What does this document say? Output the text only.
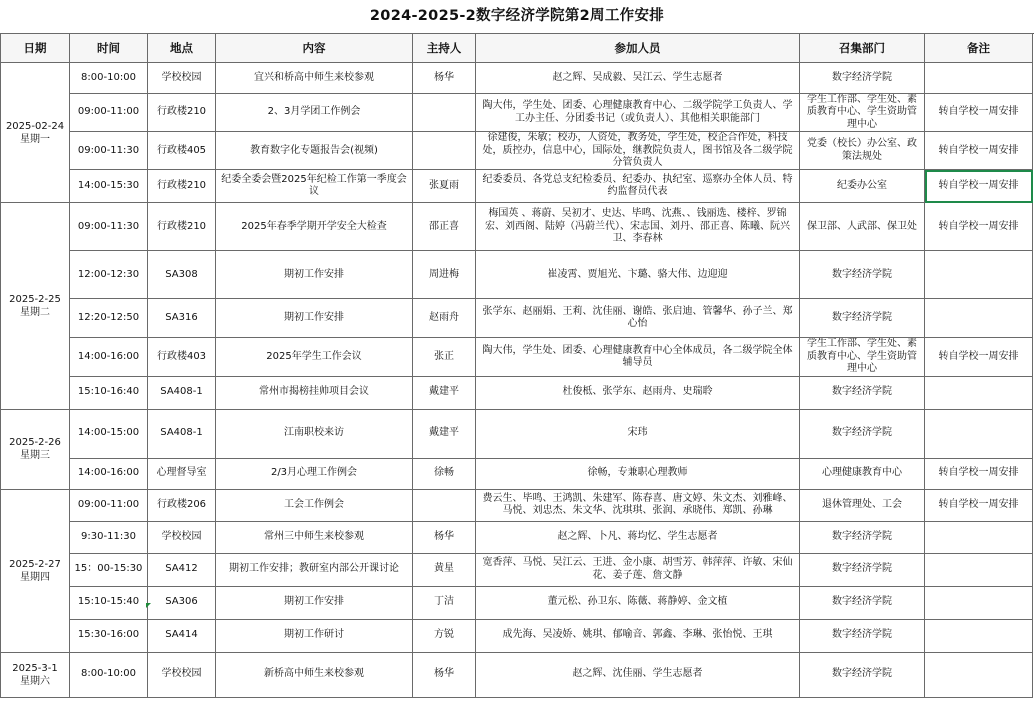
2024-2025-2数字经济学院第2周工作安排
日期	时间	地点	内容	主持人	参加人员	召集部门	备注

2025-02-24
星期一	8:00-10:00	学校校园	宜兴和桥高中师生来校参观	杨华	赵之辉、吴成毅、吴江云、学生志愿者	数字经济学院	
	09:00-11:00	行政楼210	2、3月学团工作例会		陶大伟，学生处、团委、心理健康教育中心、二级学院学工负责人、学工办主任、分团委书记（或负责人）、其他相关职能部门	学生工作部、学生处、素质教育中心、学生资助管理中心	转自学校一周安排
	09:00-11:30	行政楼405	教育数字化专题报告会(视频)		徐建俊，朱敏；校办，人资处，教务处，学生处，校企合作处，科技处，质控办，信息中心，国际处，继教院负责人，图书馆及各二级学院分管负责人	党委（校长）办公室、政策法规处	转自学校一周安排
	14:00-15:30	行政楼210	纪委全委会暨2025年纪检工作第一季度会议	张夏雨	纪委委员、各党总支纪检委员、纪委办、执纪室、巡察办全体人员、特约监督员代表	纪委办公室	转自学校一周安排

2025-2-25
星期二	09:00-11:30	行政楼210	2025年春季学期开学安全大检查	邵正喜	梅国英 、蒋蔚、吴初才、史达、毕鸣、沈燕、、钱丽选、楼梓、罗锦宏、刘西阁、陆婷（冯蔚兰代）、宋志国、刘丹、邵正喜、陈曦、阮兴卫、李春林	保卫部、人武部、保卫处	转自学校一周安排
	12:00-12:30	SA308	期初工作安排	周进梅	崔凌霄、贾旭光、卞璐、骆大伟、边迎迎	数字经济学院	
	12:20-12:50	SA316	期初工作安排	赵雨舟	张学东、赵丽娟、王莉、沈佳丽、谢皓、张启迪、管馨华、孙子兰、郑心怡	数字经济学院	
	14:00-16:00	行政楼403	2025年学生工作会议	张正	陶大伟，学生处、团委、心理健康教育中心全体成员，各二级学院全体辅导员	学生工作部、学生处、素质教育中心、学生资助管理中心	转自学校一周安排
	15:10-16:40	SA408-1	常州市揭榜挂帅项目会议	戴建平	杜俊柢、张学东、赵雨舟、史瑞聆	数字经济学院	

2025-2-26
星期三	14:00-15:00	SA408-1	江南职校来访	戴建平	宋玮	数字经济学院	
	14:00-16:00	心理督导室	2/3月心理工作例会	徐畅	徐畅，专兼职心理教师	心理健康教育中心	转自学校一周安排

2025-2-27
星期四	09:00-11:00	行政楼206	工会工作例会		费云生、毕鸣、王鸿凯、朱建军、陈春喜、唐文婷、朱文杰、刘雅峰、马悦、刘忠杰、朱文华、沈琪琪、张润、承晓伟、郑凯、孙琳	退休管理处、工会	转自学校一周安排
	9:30-11:30	学校校园	常州三中师生来校参观	杨华	赵之辉、卜凡、蒋均忆、学生志愿者	数字经济学院	
	15：00-15:30	SA412	期初工作安排；教研室内部公开课讨论	黄星	宽香萍、马悦、吴江云、王进、金小康、胡雪芳、韩萍萍、许敏、宋仙花、姜子莲、詹文静	数字经济学院	
	15:10-15:40	SA306	期初工作安排	丁洁	董元松、孙卫东、陈薇、蒋静婷、金文植	数字经济学院	
	15:30-16:00	SA414	期初工作研讨	方锐	成先海、吴凌娇、姚琪、郁喻音、郭鑫、李琳、张怡悦、王琪	数字经济学院	

2025-3-1
星期六	8:00-10:00	学校校园	新桥高中师生来校参观	杨华	赵之辉、沈佳丽、学生志愿者	数字经济学院	
